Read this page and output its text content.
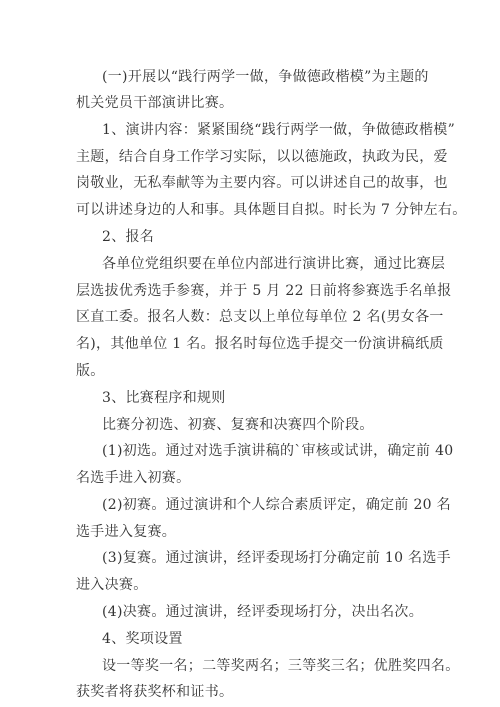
(一)开展以“践行两学一做，争做德政楷模”为主题的
机关党员干部演讲比赛。
1、演讲内容：紧紧围绕“践行两学一做，争做德政楷模”
主题，结合自身工作学习实际，以以德施政，执政为民，爱
岗敬业，无私奉献等为主要内容。可以讲述自己的故事，也
可以讲述身边的人和事。具体题目自拟。时长为 7 分钟左右。
2、报名
各单位党组织要在单位内部进行演讲比赛，通过比赛层
层选拔优秀选手参赛，并于 5 月 22 日前将参赛选手名单报
区直工委。报名人数：总支以上单位每单位 2 名(男女各一
名)，其他单位 1 名。报名时每位选手提交一份演讲稿纸质
版。
3、比赛程序和规则
比赛分初选、初赛、复赛和决赛四个阶段。
(1)初选。通过对选手演讲稿的`审核或试讲，确定前 40
名选手进入初赛。
(2)初赛。通过演讲和个人综合素质评定，确定前 20 名
选手进入复赛。
(3)复赛。通过演讲，经评委现场打分确定前 10 名选手
进入决赛。
(4)决赛。通过演讲，经评委现场打分，决出名次。
4、奖项设置
设一等奖一名；二等奖两名；三等奖三名；优胜奖四名。
获奖者将获奖杯和证书。
